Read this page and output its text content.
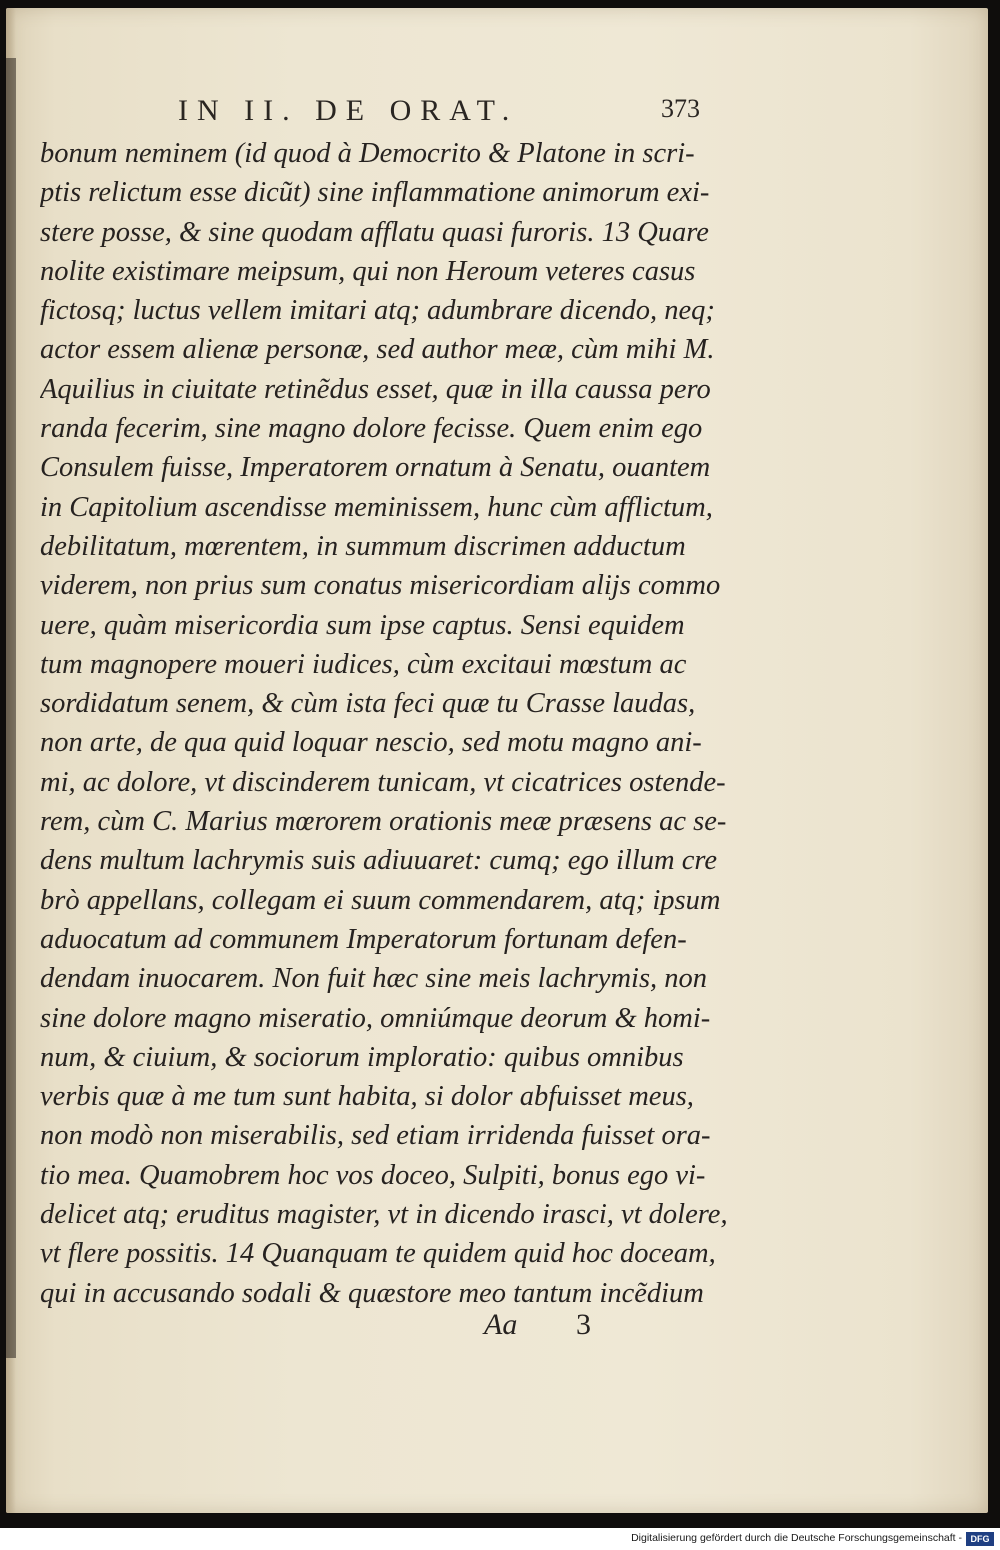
IN II. DE ORAT.	373
bonum neminem (id quod à Democrito & Platone in scri-
ptis relictum esse dicũt) sine inflammatione animorum exi-
stere posse, & sine quodam afflatu quasi furoris. 13 Quare
nolite existimare meipsum, qui non Heroum veteres casus
fictosq; luctus vellem imitari atq; adumbrare dicendo, neq;
actor essem alienæ personæ, sed author meæ, cùm mihi M.
Aquilius in ciuitate retinẽdus esset, quæ in illa caussa pero
randa fecerim, sine magno dolore fecisse. Quem enim ego
Consulem fuisse, Imperatorem ornatum à Senatu, ouantem
in Capitolium ascendisse meminissem, hunc cùm afflictum,
debilitatum, mœrentem, in summum discrimen adductum
viderem, non prius sum conatus misericordiam alijs commo
uere, quàm misericordia sum ipse captus. Sensi equidem
tum magnopere moueri iudices, cùm excitaui mœstum ac
sordidatum senem, & cùm ista feci quæ tu Crasse laudas,
non arte, de qua quid loquar nescio, sed motu magno ani-
mi, ac dolore, vt discinderem tunicam, vt cicatrices ostende-
rem, cùm C. Marius mœrorem orationis meæ præsens ac se-
dens multum lachrymis suis adiuuaret: cumq; ego illum cre
brò appellans, collegam ei suum commendarem, atq; ipsum
aduocatum ad communem Imperatorum fortunam defen-
dendam inuocarem. Non fuit hæc sine meis lachrymis, non
sine dolore magno miseratio, omniúmque deorum & homi-
num, & ciuium, & sociorum imploratio: quibus omnibus
verbis quæ à me tum sunt habita, si dolor abfuisset meus,
non modò non miserabilis, sed etiam irridenda fuisset ora-
tio mea. Quamobrem hoc vos doceo, Sulpiti, bonus ego vi-
delicet atq; eruditus magister, vt in dicendo irasci, vt dolere,
vt flere possitis. 14 Quanquam te quidem quid hoc doceam,
qui in accusando sodali & quæstore meo tantum incẽdium
Aa 3
Digitalisierung gefördert durch die Deutsche Forschungsgemeinschaft - DFG
